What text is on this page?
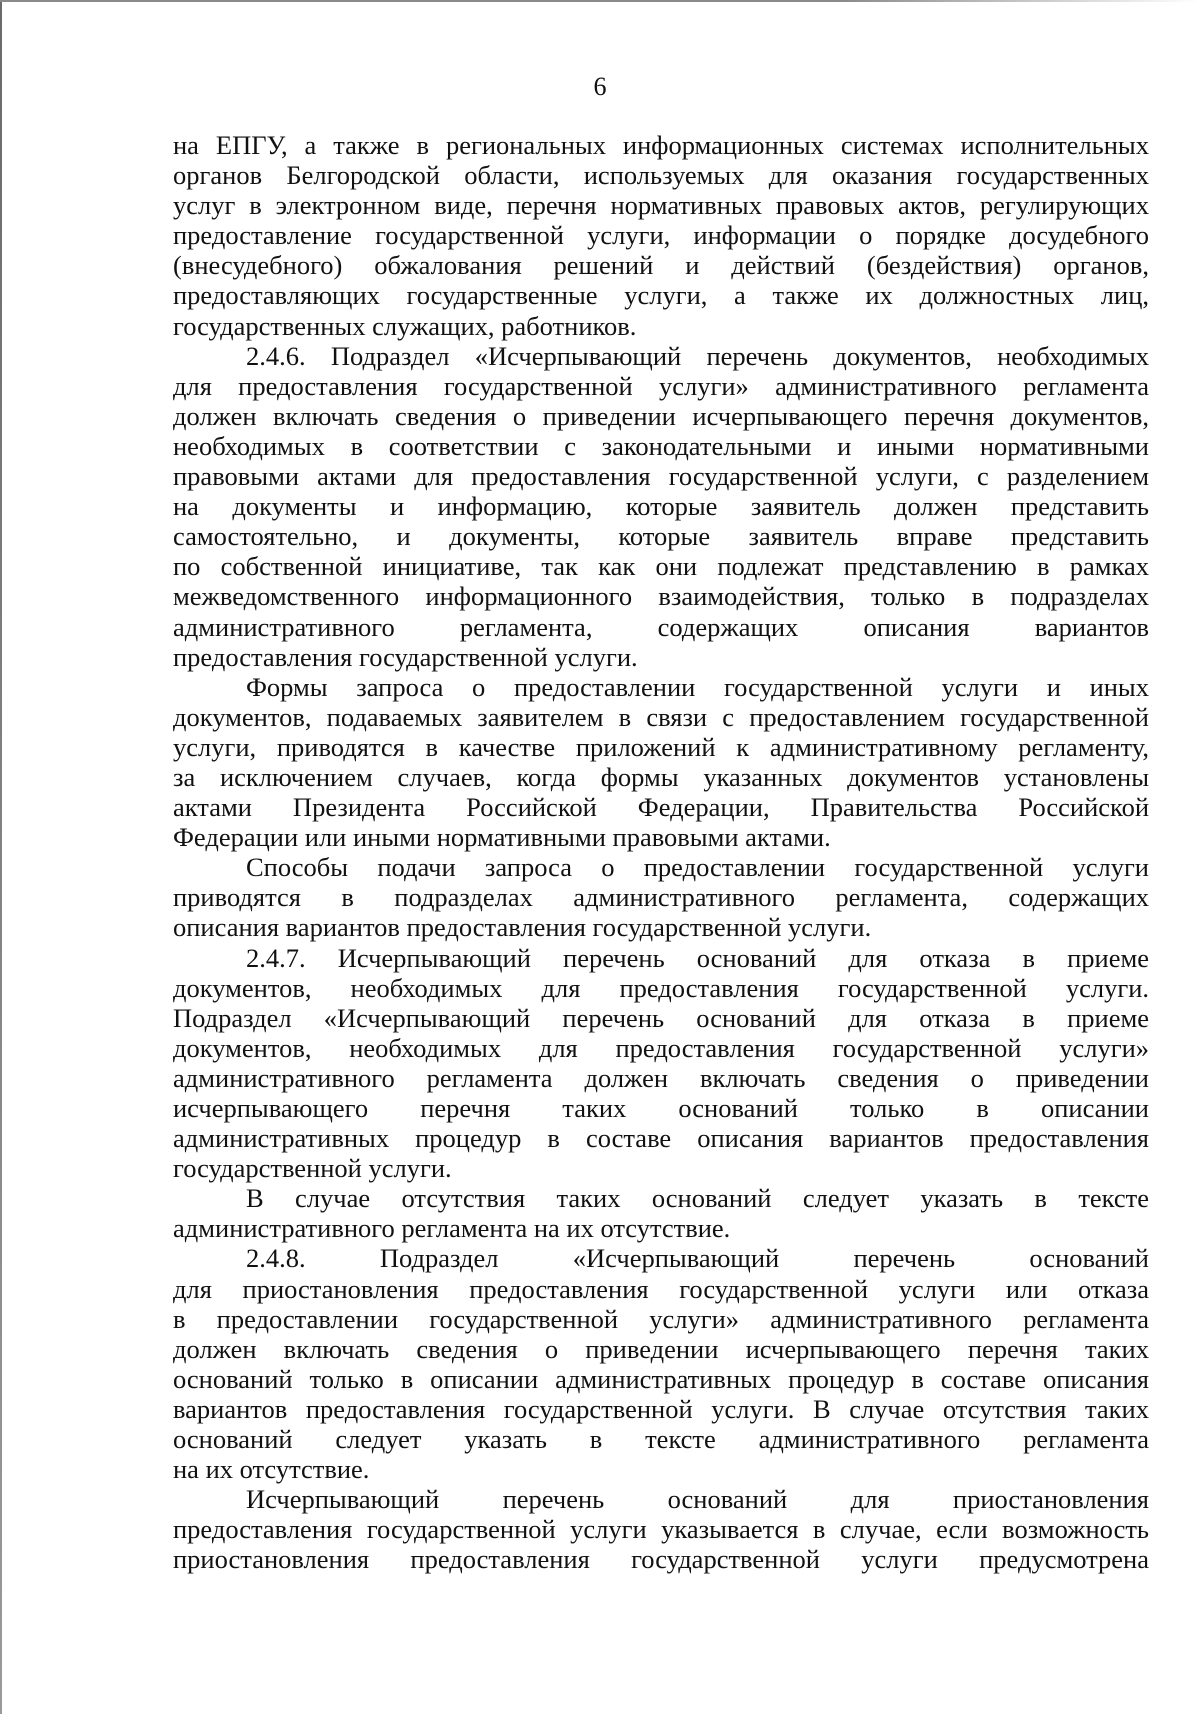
6

на ЕПГУ, а также в региональных информационных системах исполнительных
органов Белгородской области, используемых для оказания государственных
услуг в электронном виде, перечня нормативных правовых актов, регулирующих
предоставление государственной услуги, информации о порядке досудебного
(внесудебного) обжалования решений и действий (бездействия) органов,
предоставляющих государственные услуги, а также их должностных лиц,
государственных служащих, работников.

2.4.6. Подраздел «Исчерпывающий перечень документов, необходимых
для предоставления государственной услуги» административного регламента
должен включать сведения о приведении исчерпывающего перечня документов,
необходимых в соответствии с законодательными и иными нормативными
правовыми актами для предоставления государственной услуги, с разделением
на документы и информацию, которые заявитель должен представить
самостоятельно, и документы, которые заявитель вправе представить
по собственной инициативе, так как они подлежат представлению в рамках
межведомственного информационного взаимодействия, только в подразделах
административного регламента, содержащих описания вариантов
предоставления государственной услуги.

Формы запроса о предоставлении государственной услуги и иных
документов, подаваемых заявителем в связи с предоставлением государственной
услуги, приводятся в качестве приложений к административному регламенту,
за исключением случаев, когда формы указанных документов установлены
актами Президента Российской Федерации, Правительства Российской
Федерации или иными нормативными правовыми актами.

Способы подачи запроса о предоставлении государственной услуги
приводятся в подразделах административного регламента, содержащих
описания вариантов предоставления государственной услуги.

2.4.7. Исчерпывающий перечень оснований для отказа в приеме
документов, необходимых для предоставления государственной услуги.
Подраздел «Исчерпывающий перечень оснований для отказа в приеме
документов, необходимых для предоставления государственной услуги»
административного регламента должен включать сведения о приведении
исчерпывающего перечня таких оснований только в описании
административных процедур в составе описания вариантов предоставления
государственной услуги.

В случае отсутствия таких оснований следует указать в тексте
административного регламента на их отсутствие.

2.4.8. Подраздел «Исчерпывающий перечень оснований
для приостановления предоставления государственной услуги или отказа
в предоставлении государственной услуги» административного регламента
должен включать сведения о приведении исчерпывающего перечня таких
оснований только в описании административных процедур в составе описания
вариантов предоставления государственной услуги. В случае отсутствия таких
оснований следует указать в тексте административного регламента
на их отсутствие.

Исчерпывающий перечень оснований для приостановления
предоставления государственной услуги указывается в случае, если возможность
приостановления предоставления государственной услуги предусмотрена
